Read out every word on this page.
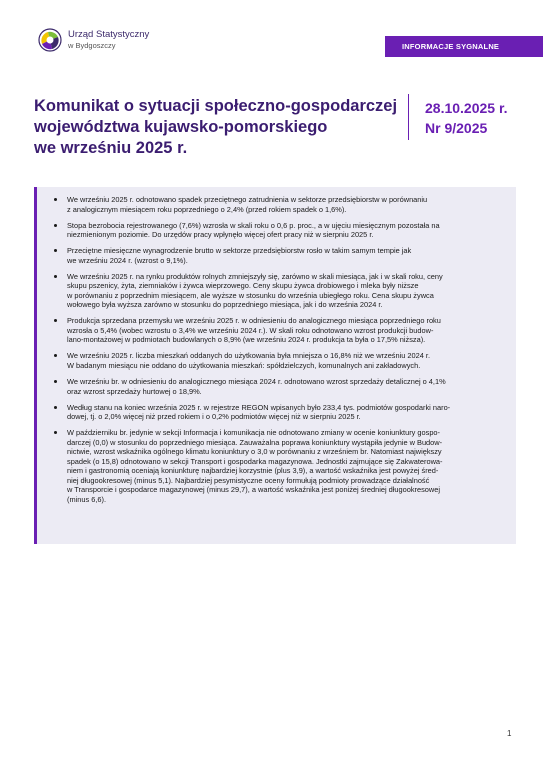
Urząd Statystyczny
w Bydgoszczy	INFORMACJE SYGNALNE
Komunikat o sytuacji społeczno-gospodarczej
województwa kujawsko-pomorskiego
we wrześniu 2025 r.
28.10.2025 r.
Nr 9/2025
We wrześniu 2025 r. odnotowano spadek przeciętnego zatrudnienia w sektorze przedsiębiorstw w porównaniu
z analogicznym miesiącem roku poprzedniego o 2,4% (przed rokiem spadek o 1,6%).
Stopa bezrobocia rejestrowanego (7,6%) wzrosła w skali roku o 0,6 p. proc., a w ujęciu miesięcznym pozostała na
niezmienionym poziomie. Do urzędów pracy wpłynęło więcej ofert pracy niż w sierpniu 2025 r.
Przeciętne miesięczne wynagrodzenie brutto w sektorze przedsiębiorstw rosło w takim samym tempie jak
we wrześniu 2024 r. (wzrost o 9,1%).
We wrześniu 2025 r. na rynku produktów rolnych zmniejszyły się, zarówno w skali miesiąca, jak i w skali roku, ceny
skupu pszenicy, żyta, ziemniaków i żywca wieprzowego. Ceny skupu żywca drobiowego i mleka były niższe
w porównaniu z poprzednim miesiącem, ale wyższe w stosunku do września ubiegłego roku. Cena skupu żywca
wołowego była wyższa zarówno w stosunku do poprzedniego miesiąca, jak i do września 2024 r.
Produkcja sprzedana przemysłu we wrześniu 2025 r. w odniesieniu do analogicznego miesiąca poprzedniego roku
wzrosła o 5,4% (wobec wzrostu o 3,4% we wrześniu 2024 r.). W skali roku odnotowano wzrost produkcji budow-
lano-montażowej w podmiotach budowlanych o 8,9% (we wrześniu 2024 r. produkcja ta była o 17,5% niższa).
We wrześniu 2025 r. liczba mieszkań oddanych do użytkowania była mniejsza o 16,8% niż we wrześniu 2024 r.
W badanym miesiącu nie oddano do użytkowania mieszkań: spółdzielczych, komunalnych ani zakładowych.
We wrześniu br. w odniesieniu do analogicznego miesiąca 2024 r. odnotowano wzrost sprzedaży detalicznej o 4,1%
oraz wzrost sprzedaży hurtowej o 18,9%.
Według stanu na koniec września 2025 r. w rejestrze REGON wpisanych było 233,4 tys. podmiotów gospodarki naro-
dowej, tj. o 2,0% więcej niż przed rokiem i o 0,2% podmiotów więcej niż w sierpniu 2025 r.
W październiku br. jedynie w sekcji Informacja i komunikacja nie odnotowano zmiany w ocenie koniunktury gospo-
darczej (0,0) w stosunku do poprzedniego miesiąca. Zauważalna poprawa koniunktury wystąpiła jedynie w Budow-
nictwie, wzrost wskaźnika ogólnego klimatu koniunktury o 3,0 w porównaniu z wrześniem br. Natomiast największy
spadek (o 15,8) odnotowano w sekcji Transport i gospodarka magazynowa. Jednostki zajmujące się Zakwaterowa-
niem i gastronomią oceniają koniunkturę najbardziej korzystnie (plus 3,9), a wartość wskaźnika jest powyżej śred-
niej długookresowej (minus 5,1). Najbardziej pesymistyczne oceny formułują podmioty prowadzące działalność
w Transporcie i gospodarce magazynowej (minus 29,7), a wartość wskaźnika jest poniżej średniej długookresowej
(minus 6,6).
1
